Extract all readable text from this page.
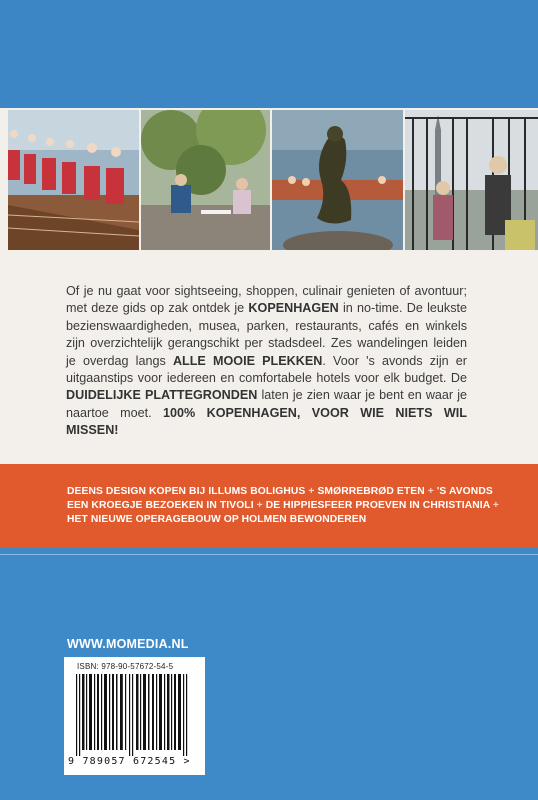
Of je nu gaat voor sightseeing, shoppen, culinair genieten of avontuur; met deze gids op zak ontdek je KOPENHAGEN in no-time. De leukste bezienswaardigheden, musea, parken, restaurants, cafés en winkels zijn overzichtelijk gerangschikt per stadsdeel. Zes wandelingen leiden je overdag langs ALLE MOOIE PLEKKEN. Voor 's avonds zijn er uitgaanstips voor iedereen en comfortabele hotels voor elk budget. De DUIDELIJKE PLATTEGRONDEN laten je zien waar je bent en waar je naartoe moet. 100% KOPENHAGEN, VOOR WIE NIETS WIL MISSEN!
DEENS DESIGN KOPEN BIJ ILLUMS BOLIGHUS + SMØRREBRØD ETEN + 'S AVONDS EEN KROEGJE BEZOEKEN IN TIVOLI + DE HIPPIESFEER PROEVEN IN CHRISTIANIA + HET NIEUWE OPERAGEBOUW OP HOLMEN BEWONDEREN
WWW.MOMEDIA.NL
ISBN: 978-90-57672-54-5
9 789057 672545 >
